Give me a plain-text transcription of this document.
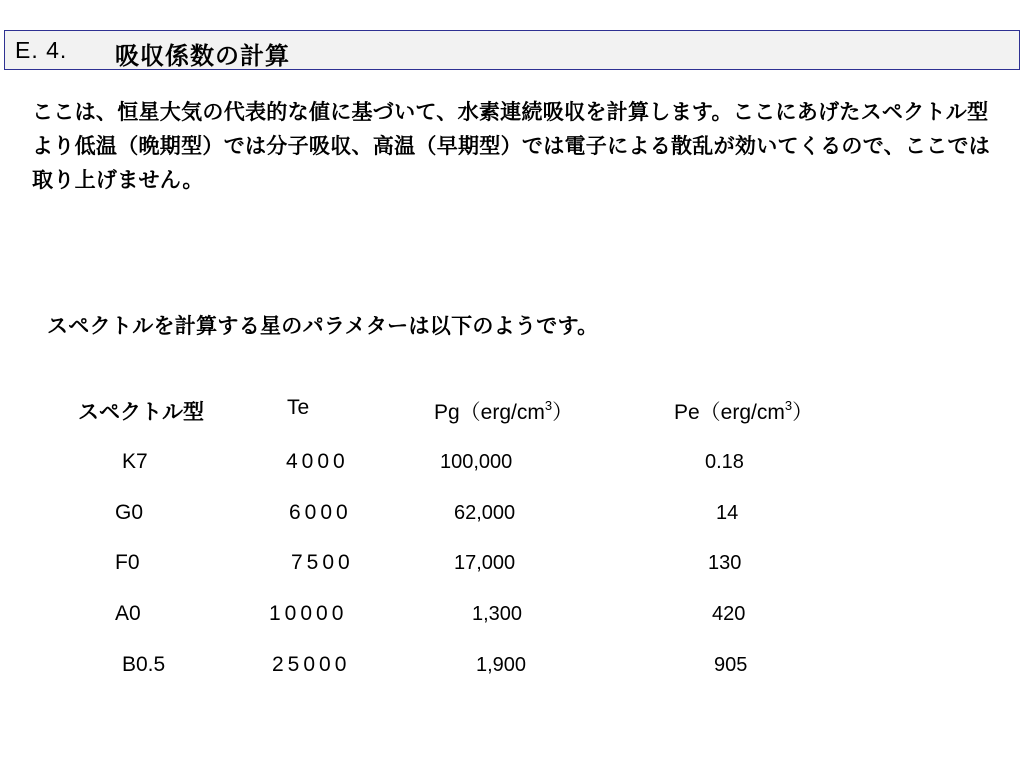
E. 4. 吸収係数の計算

ここは、恒星大気の代表的な値に基づいて、水素連続吸収を計算します。ここにあげたスペクトル型より低温（晩期型）では分子吸収、高温（早期型）では電子による散乱が効いてくるので、ここでは取り上げません。

スペクトルを計算する星のパラメターは以下のようです。

スペクトル型	Te	$Pg(erg/cm^3)$	$Pe(erg/cm^3)$
K7	4000	100,000	0.18
G0	6000	62,000	14
F0	7500	17,000	130
A0	10000	1,300	420
B0.5	25000	1,900	905
